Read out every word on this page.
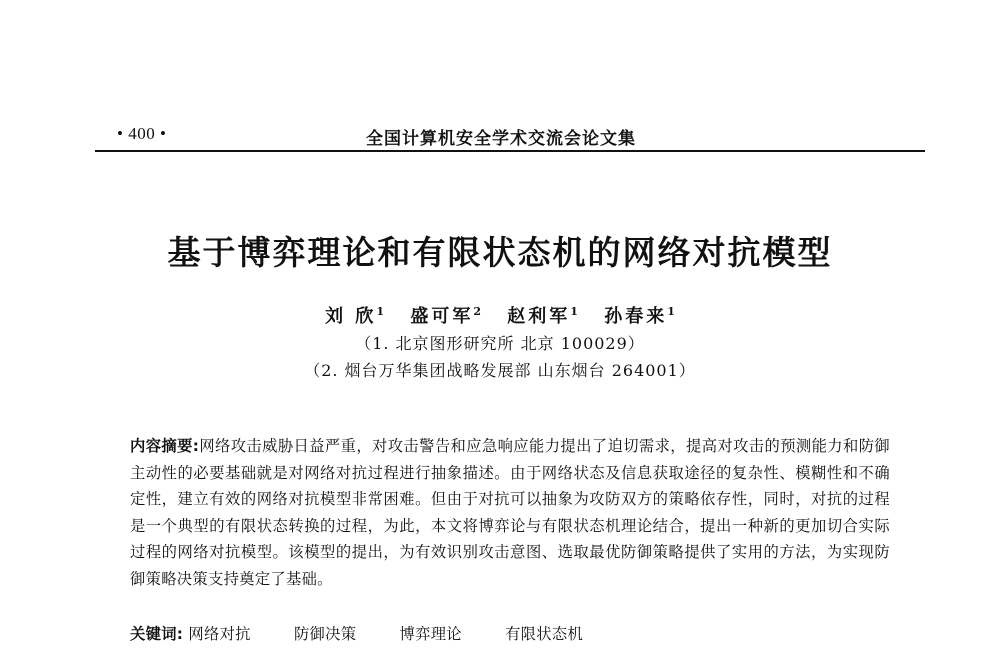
• 400 •	全国计算机安全学术交流会论文集
基于博弈理论和有限状态机的网络对抗模型
刘 欣$^1$ 盛可军$^2$ 赵利军$^1$ 孙春来$^1$
（1. 北京图形研究所 北京 100029）
（2. 烟台万华集团战略发展部 山东烟台 264001）
内容摘要:网络攻击威胁日益严重，对攻击警告和应急响应能力提出了迫切需求，提高对攻击的预测能力和防御主动性的必要基础就是对网络对抗过程进行抽象描述。由于网络状态及信息获取途径的复杂性、模糊性和不确定性，建立有效的网络对抗模型非常困难。但由于对抗可以抽象为攻防双方的策略依存性，同时，对抗的过程是一个典型的有限状态转换的过程，为此，本文将博弈论与有限状态机理论结合，提出一种新的更加切合实际过程的网络对抗模型。该模型的提出，为有效识别攻击意图、选取最优防御策略提供了实用的方法，为实现防御策略决策支持奠定了基础。
关键词: 网络对抗	防御决策	博弈理论	有限状态机
